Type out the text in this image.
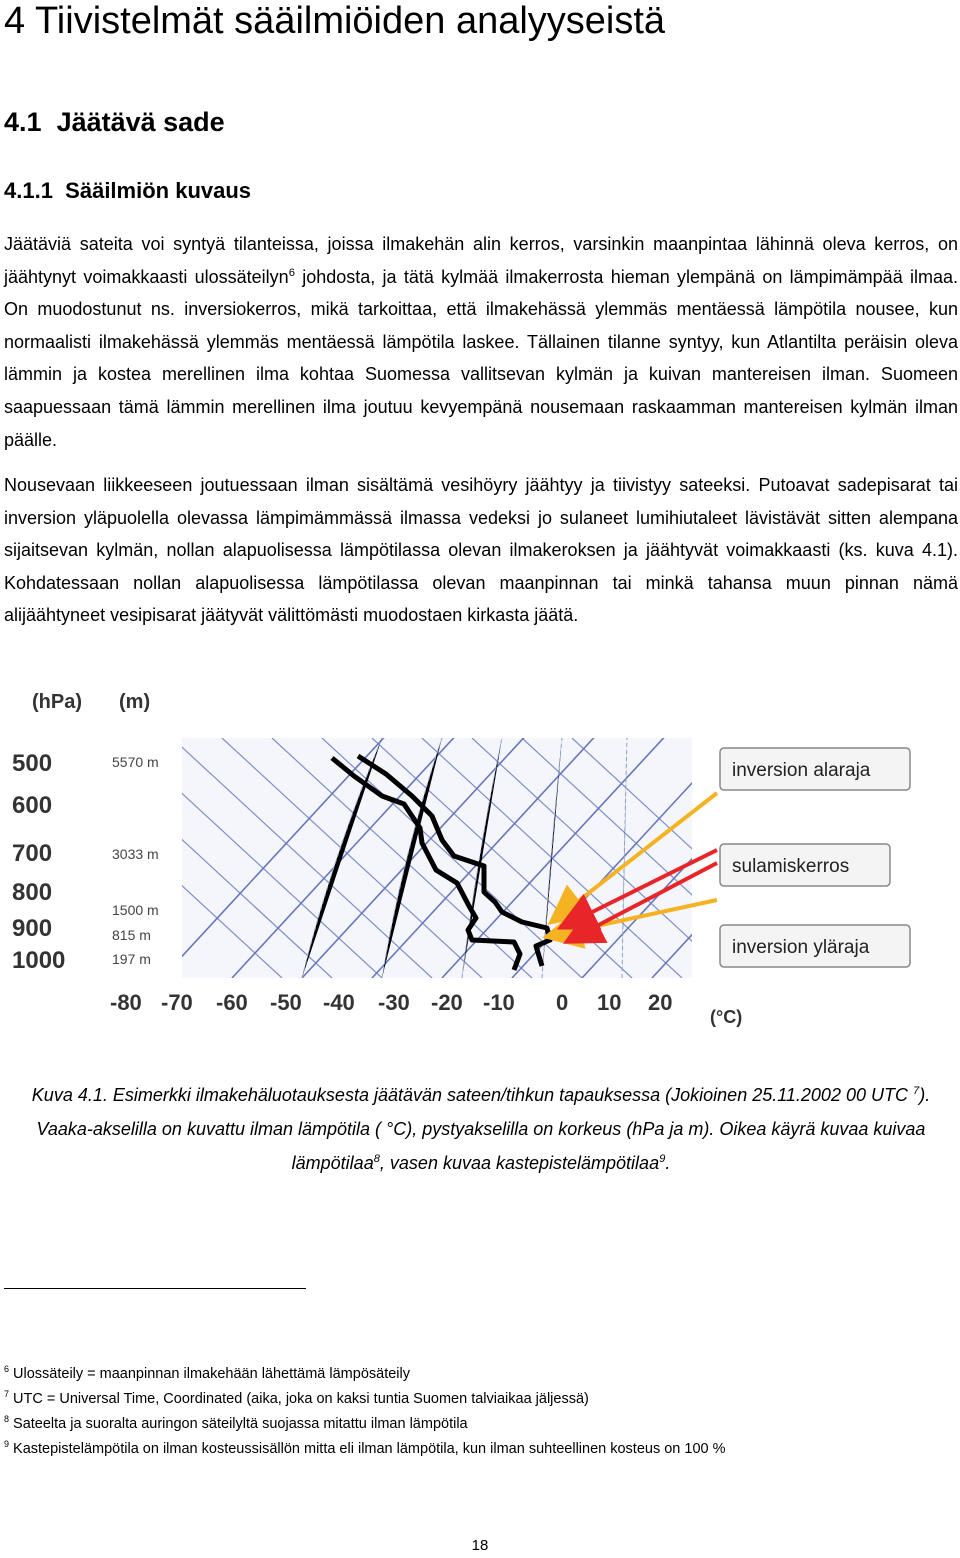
4 Tiivistelmät sääilmiöiden analyyseistä
4.1 Jäätävä sade
4.1.1 Sääilmiön kuvaus

Jäätäviä sateita voi syntyä tilanteissa, joissa ilmakehän alin kerros, varsinkin maanpintaa lähinnä oleva kerros, on jäähtynyt voimakkaasti ulossäteilyn$^6$ johdosta, ja tätä kylmää ilmakerrosta hieman ylempänä on lämpimämpää ilmaa. On muodostunut ns. inversiokerros, mikä tarkoittaa, että ilmakehässä ylemmäs mentäessä lämpötila nousee, kun normaalisti ilmakehässä ylemmäs mentäessä lämpötila laskee. Tällainen tilanne syntyy, kun Atlantilta peräisin oleva lämmin ja kostea merellinen ilma kohtaa Suomessa vallitsevan kylmän ja kuivan mantereisen ilman. Suomeen saapuessaan tämä lämmin merellinen ilma joutuu kevyempänä nousemaan raskaamman mantereisen kylmän ilman päälle.

Nousevaan liikkeeseen joutuessaan ilman sisältämä vesihöyry jäähtyy ja tiivistyy sateeksi. Putoavat sadepisarat tai inversion yläpuolella olevassa lämpimämmässä ilmassa vedeksi jo sulaneet lumihiutaleet lävistävät sitten alempana sijaitsevan kylmän, nollan alapuolisessa lämpötilassa olevan ilmakeroksen ja jäähtyvät voimakkaasti (ks. kuva 4.1). Kohdatessaan nollan alapuolisessa lämpötilassa olevan maanpinnan tai minkä tahansa muun pinnan nämä alijäähtyneet vesipisarat jäätyvät välittömästi muodostaen kirkasta jäätä.

(hPa) (m)
500
600
700
800
900
1000
5570 m
3033 m
1500 m
815 m
197 m
-80 -70 -60 -50 -40 -30 -20 -10 0 10 20
(°C)
inversion alaraja
sulamiskerros
inversion yläraja

Kuva 4.1. Esimerkki ilmakehäluotauksesta jäätävän sateen/tihkun tapauksessa (Jokioinen 25.11.2002 00 UTC $^7$). Vaaka-akselilla on kuvattu ilman lämpötila ( °C), pystyakselilla on korkeus (hPa ja m). Oikea käyrä kuvaa kuivaa lämpötilaa$^8$, vasen kuvaa kastepistelämpötilaa$^9$.

$^6$ Ulossäteily = maanpinnan ilmakehään lähettämä lämpösäteily
$^7$ UTC = Universal Time, Coordinated (aika, joka on kaksi tuntia Suomen talviaikaa jäljessä)
$^8$ Sateelta ja suoralta auringon säteilyltä suojassa mitattu ilman lämpötila
$^9$ Kastepistelämpötila on ilman kosteussisällön mitta eli ilman lämpötila, kun ilman suhteellinen kosteus on 100 %
18
